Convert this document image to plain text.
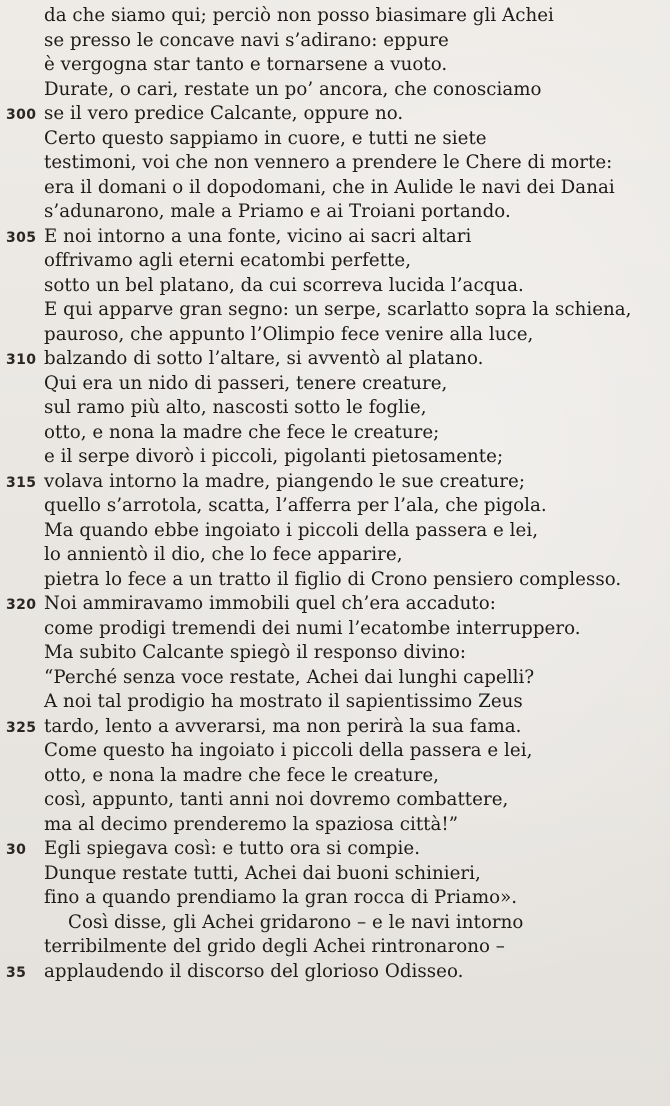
da che siamo qui; perciò non posso biasimare gli Achei
se presso le concave navi s’adirano: eppure
è vergogna star tanto e tornarsene a vuoto.
Durate, o cari, restate un po’ ancora, che conosciamo
300 se il vero predice Calcante, oppure no.
Certo questo sappiamo in cuore, e tutti ne siete
testimoni, voi che non vennero a prendere le Chere di morte:
era il domani o il dopodomani, che in Aulide le navi dei Danai
s’adunarono, male a Priamo e ai Troiani portando.
305 E noi intorno a una fonte, vicino ai sacri altari
offrivamo agli eterni ecatombi perfette,
sotto un bel platano, da cui scorreva lucida l’acqua.
E qui apparve gran segno: un serpe, scarlatto sopra la schiena,
pauroso, che appunto l’Olimpio fece venire alla luce,
310 balzando di sotto l’altare, si avventò al platano.
Qui era un nido di passeri, tenere creature,
sul ramo più alto, nascosti sotto le foglie,
otto, e nona la madre che fece le creature;
e il serpe divorò i piccoli, pigolanti pietosamente;
315 volava intorno la madre, piangendo le sue creature;
quello s’arrotola, scatta, l’afferra per l’ala, che pigola.
Ma quando ebbe ingoiato i piccoli della passera e lei,
lo annientò il dio, che lo fece apparire,
pietra lo fece a un tratto il figlio di Crono pensiero complesso.
320 Noi ammiravamo immobili quel ch’era accaduto:
come prodigi tremendi dei numi l’ecatombe interruppero.
Ma subito Calcante spiegò il responso divino:
“Perché senza voce restate, Achei dai lunghi capelli?
A noi tal prodigio ha mostrato il sapientissimo Zeus
325 tardo, lento a avverarsi, ma non perirà la sua fama.
Come questo ha ingoiato i piccoli della passera e lei,
otto, e nona la madre che fece le creature,
così, appunto, tanti anni noi dovremo combattere,
ma al decimo prenderemo la spaziosa città!”
30 Egli spiegava così: e tutto ora si compie.
Dunque restate tutti, Achei dai buoni schinieri,
fino a quando prendiamo la gran rocca di Priamo».
Così disse, gli Achei gridarono – e le navi intorno
terribilmente del grido degli Achei rintronarono –
35 applaudendo il discorso del glorioso Odisseo.
